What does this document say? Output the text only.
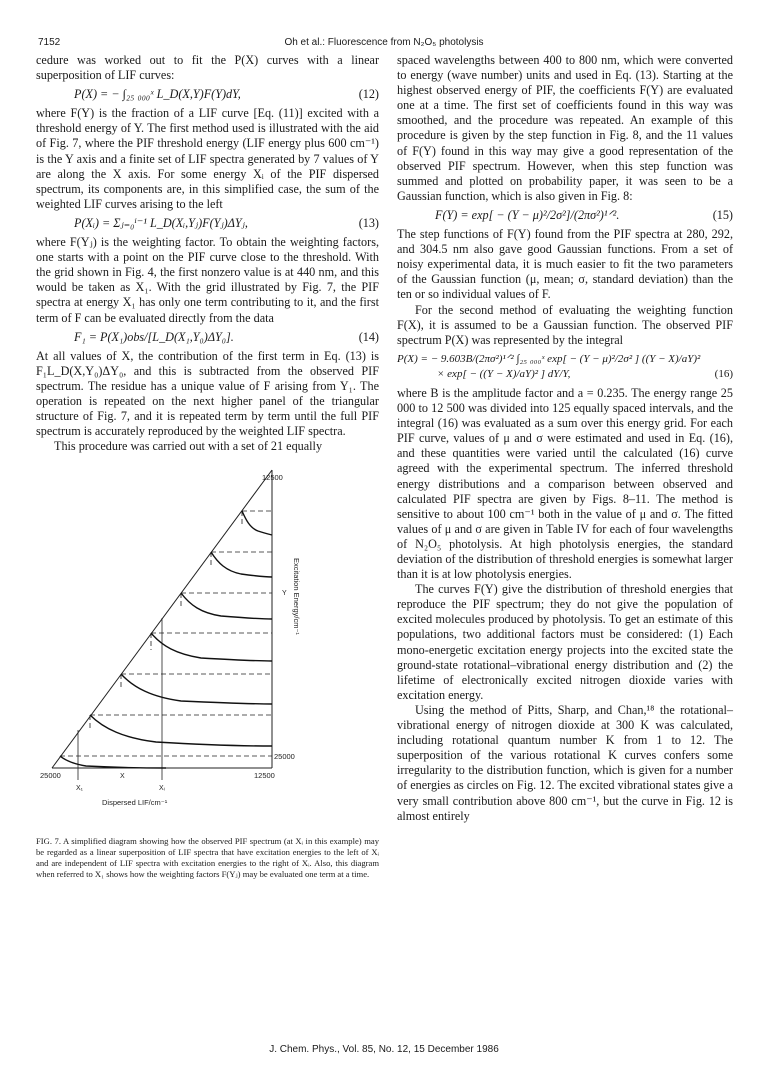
7152	Oh et al.: Fluorescence from N₂O₅ photolysis

cedure was worked out to fit the P(X) curves with a linear superposition of LIF curves:

P(X) = − ∫₂₅ ₀₀₀ˣ L_D(X,Y)F(Y)dY,	(12)

where F(Y) is the fraction of a LIF curve [Eq. (11)] excited with a threshold energy of Y. The first method used is illustrated with the aid of Fig. 7, where the PIF threshold energy (LIF energy plus 600 cm⁻¹) is the Y axis and a finite set of LIF spectra generated by 7 values of Y are along the X axis. For some energy Xᵢ of the PIF dispersed spectrum, its components are, in this simplified case, the sum of the weighted LIF curves arising to the left

P(Xᵢ) = Σⱼ₌₀ⁱ⁻¹ L_D(Xᵢ,Yⱼ)F(Yⱼ)ΔYⱼ,	(13)

where F(Yⱼ) is the weighting factor. To obtain the weighting factors, one starts with a point on the PIF curve close to the threshold. With the grid shown in Fig. 4, the first nonzero value is at 440 nm, and this would be taken as X₁. With the grid illustrated by Fig. 7, the PIF spectra at energy X₁ has only one term contributing to it, and the first term of F can be evaluated directly from the data

F₁ = P(X₁)obs/[L_D(X₁,Y₀)ΔY₀].	(14)

At all values of X, the contribution of the first term in Eq. (13) is F₁L_D(X,Y₀)ΔY₀, and this is subtracted from the observed PIF spectrum. The residue has a unique value of F arising from Y₁. The operation is repeated on the next higher panel of the triangular structure of Fig. 7, and it is repeated term by term until the full PIF spectrum is accurately reproduced by the weighted LIF spectra.

This procedure was carried out with a set of 21 equally

12500
25000
Y Excitation Energy/cm⁻¹
25000	X	12500
X₁	Xᵢ
Dispersed LIF/cm⁻¹
FIG. 7. A simplified diagram showing how the observed PIF spectrum (at Xᵢ in this example) may be regarded as a linear superposition of LIF spectra that have excitation energies to the left of Xᵢ and are independent of LIF spectra with excitation energies to the right of Xᵢ. Also, this diagram when referred to X₁ shows how the weighting factors F(Yⱼ) may be evaluated one term at a time.

spaced wavelengths between 400 to 800 nm, which were converted to energy (wave number) units and used in Eq. (13). Starting at the highest observed energy of PIF, the coefficients F(Y) are evaluated one at a time. The first set of coefficients found in this way was smoothed, and the procedure was repeated. An example of this procedure is given by the step function in Fig. 8, and the 11 values of F(Y) found in this way may give a good representation of the observed PIF spectrum. However, when this step function was summed and plotted on probability paper, it was seen to be a Gaussian function, which is also given in Fig. 8:

F(Y) = exp[ − (Y − μ)²/2σ²]/(2πσ²)¹ᐟ².	(15)

The step functions of F(Y) found from the PIF spectra at 280, 292, and 304.5 nm also gave good Gaussian functions. From a set of noisy experimental data, it is much easier to fit the two parameters of the Gaussian function (μ, mean; σ, standard deviation) than the ten or so individual values of F.

For the second method of evaluating the weighting function F(X), it is assumed to be a Gaussian function. The observed PIF spectrum P(X) was represented by the integral

P(X) = − 9.603B/(2πσ²)¹ᐟ² ∫₂₅ ₀₀₀ˣ exp[ − (Y − μ)²/2σ² ] ((Y − X)/aY)²
× exp[ − ((Y − X)/aY)² ] dY/Y,	(16)

where B is the amplitude factor and a = 0.235. The energy range 25 000 to 12 500 was divided into 125 equally spaced intervals, and the integral (16) was evaluated as a sum over this energy grid. For each PIF curve, values of μ and σ were estimated and used in Eq. (16), and these quantities were varied until the calculated (16) curve agreed with the experimental spectrum. The inferred threshold energy distributions and a comparison between observed and calculated PIF spectra are given by Figs. 8–11. The method is sensitive to about 100 cm⁻¹ both in the value of μ and σ. The fitted values of μ and σ are given in Table IV for each of four wavelengths of N₂O₅ photolysis. At high photolysis energies, the standard deviation of the distribution of threshold energies is somewhat larger than it is at low photolysis energies.

The curves F(Y) give the distribution of threshold energies that reproduce the PIF spectrum; they do not give the population of excited molecules produced by photolysis. To get an estimate of this populations, two additional factors must be considered: (1) Each mono-energetic excitation energy projects into the excited state the ground-state rotational–vibrational energy distribution and (2) the lifetime of electronically excited nitrogen dioxide varies with excitation energy.

Using the method of Pitts, Sharp, and Chan,¹⁸ the rotational–vibrational energy of nitrogen dioxide at 300 K was calculated, including rotational quantum number K from 1 to 12. The superposition of the various rotational K curves confers some irregularity to the distribution function, which is given for a number of energies as circles on Fig. 12. The excited vibrational states give a very small contribution above 800 cm⁻¹, but the curve in Fig. 12 is almost entirely

J. Chem. Phys., Vol. 85, No. 12, 15 December 1986
